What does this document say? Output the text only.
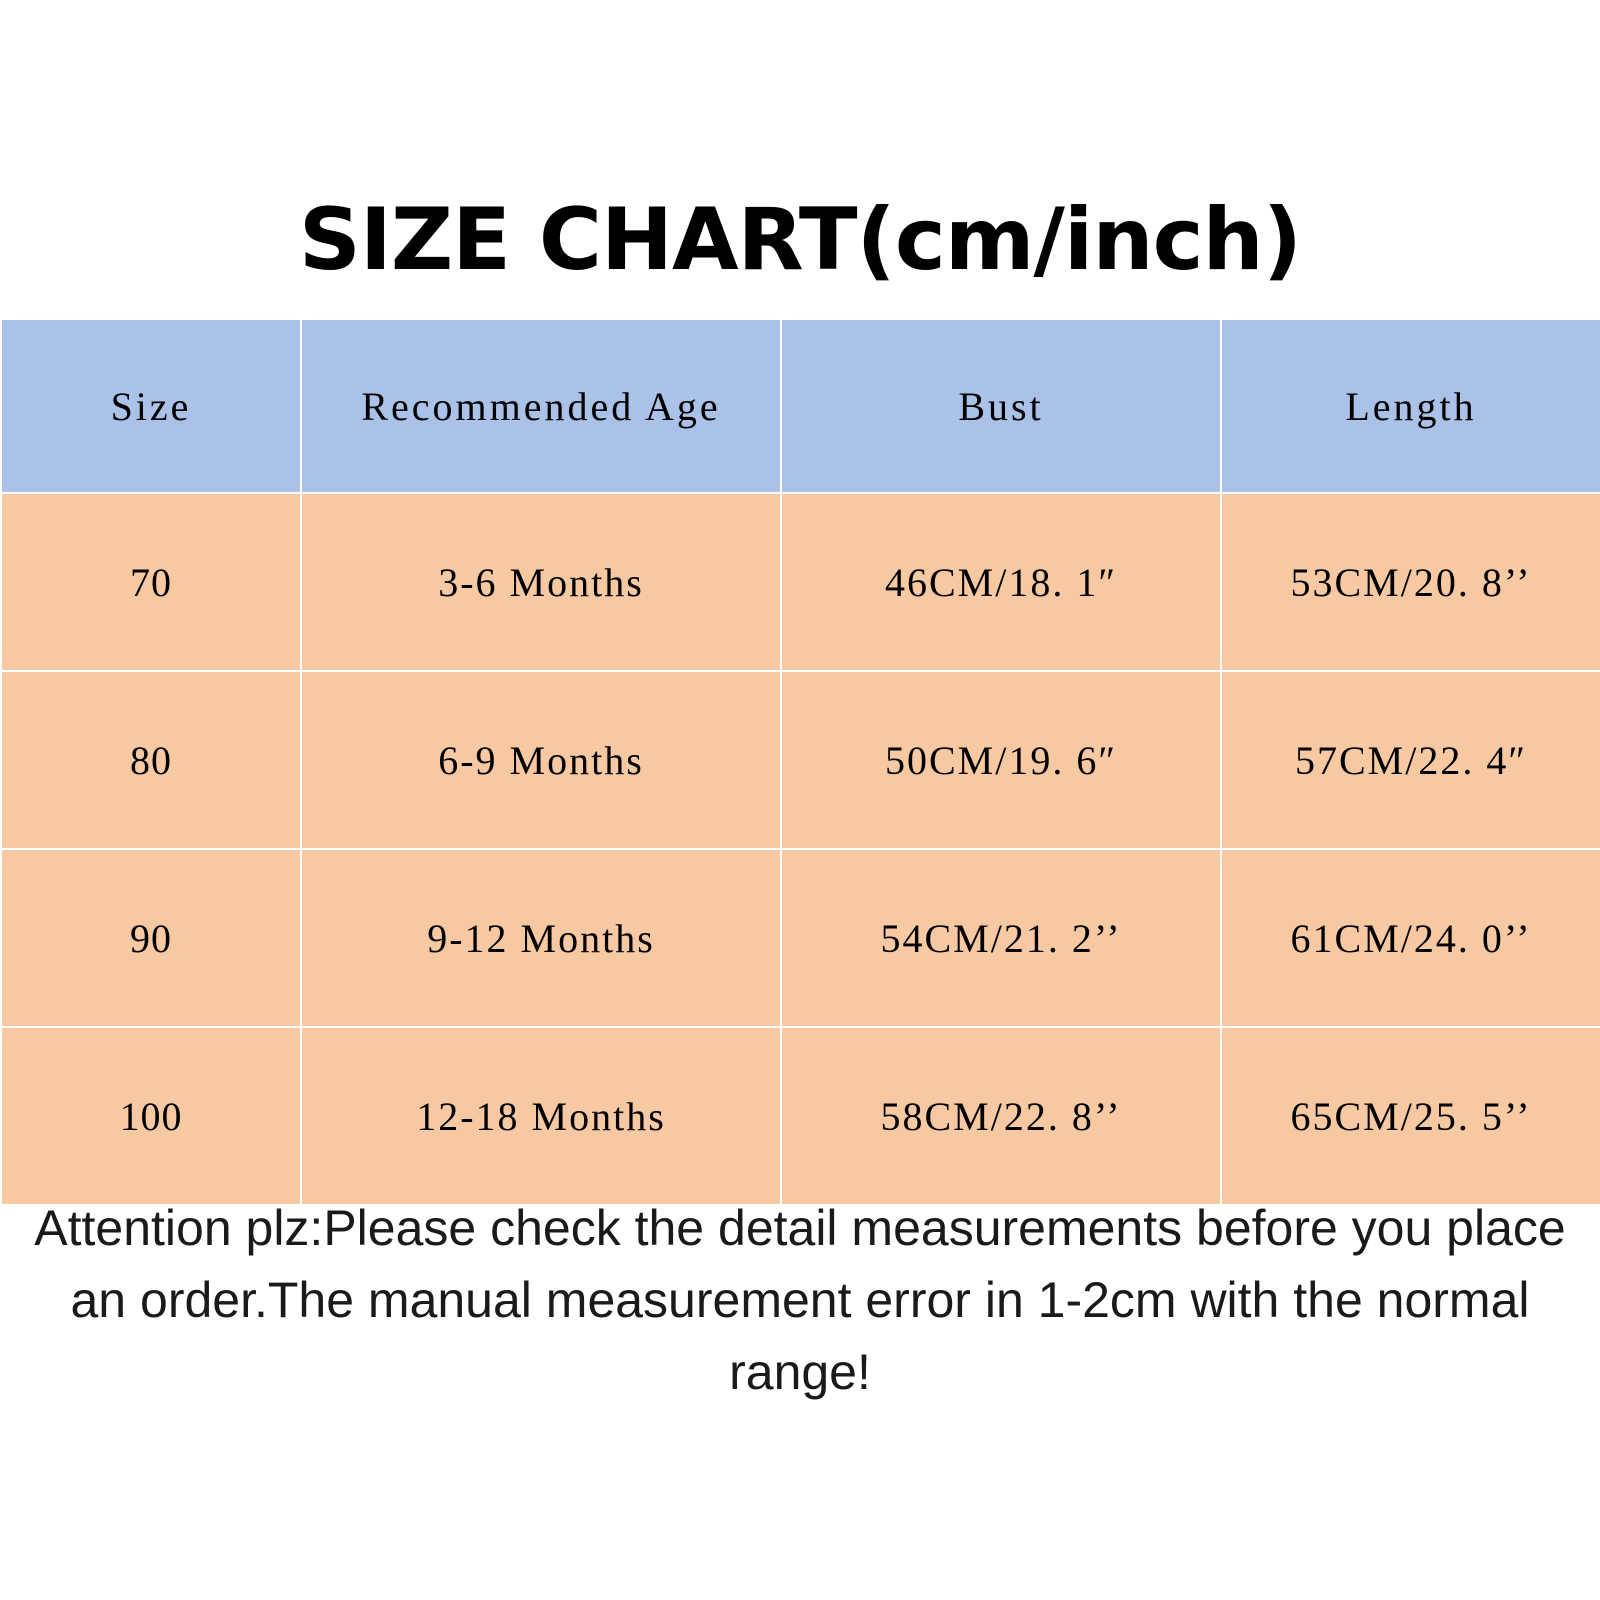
SIZE CHART(cm/inch)
Size	Recommended Age	Bust	Length
70	3-6 Months	46CM/18. 1″	53CM/20. 8’’
80	6-9 Months	50CM/19. 6″	57CM/22. 4″
90	9-12 Months	54CM/21. 2’’	61CM/24. 0’’
100	12-18 Months	58CM/22. 8’’	65CM/25. 5’’
Attention plz:Please check the detail measurements before you place an order.The manual measurement error in 1-2cm with the normal range!
